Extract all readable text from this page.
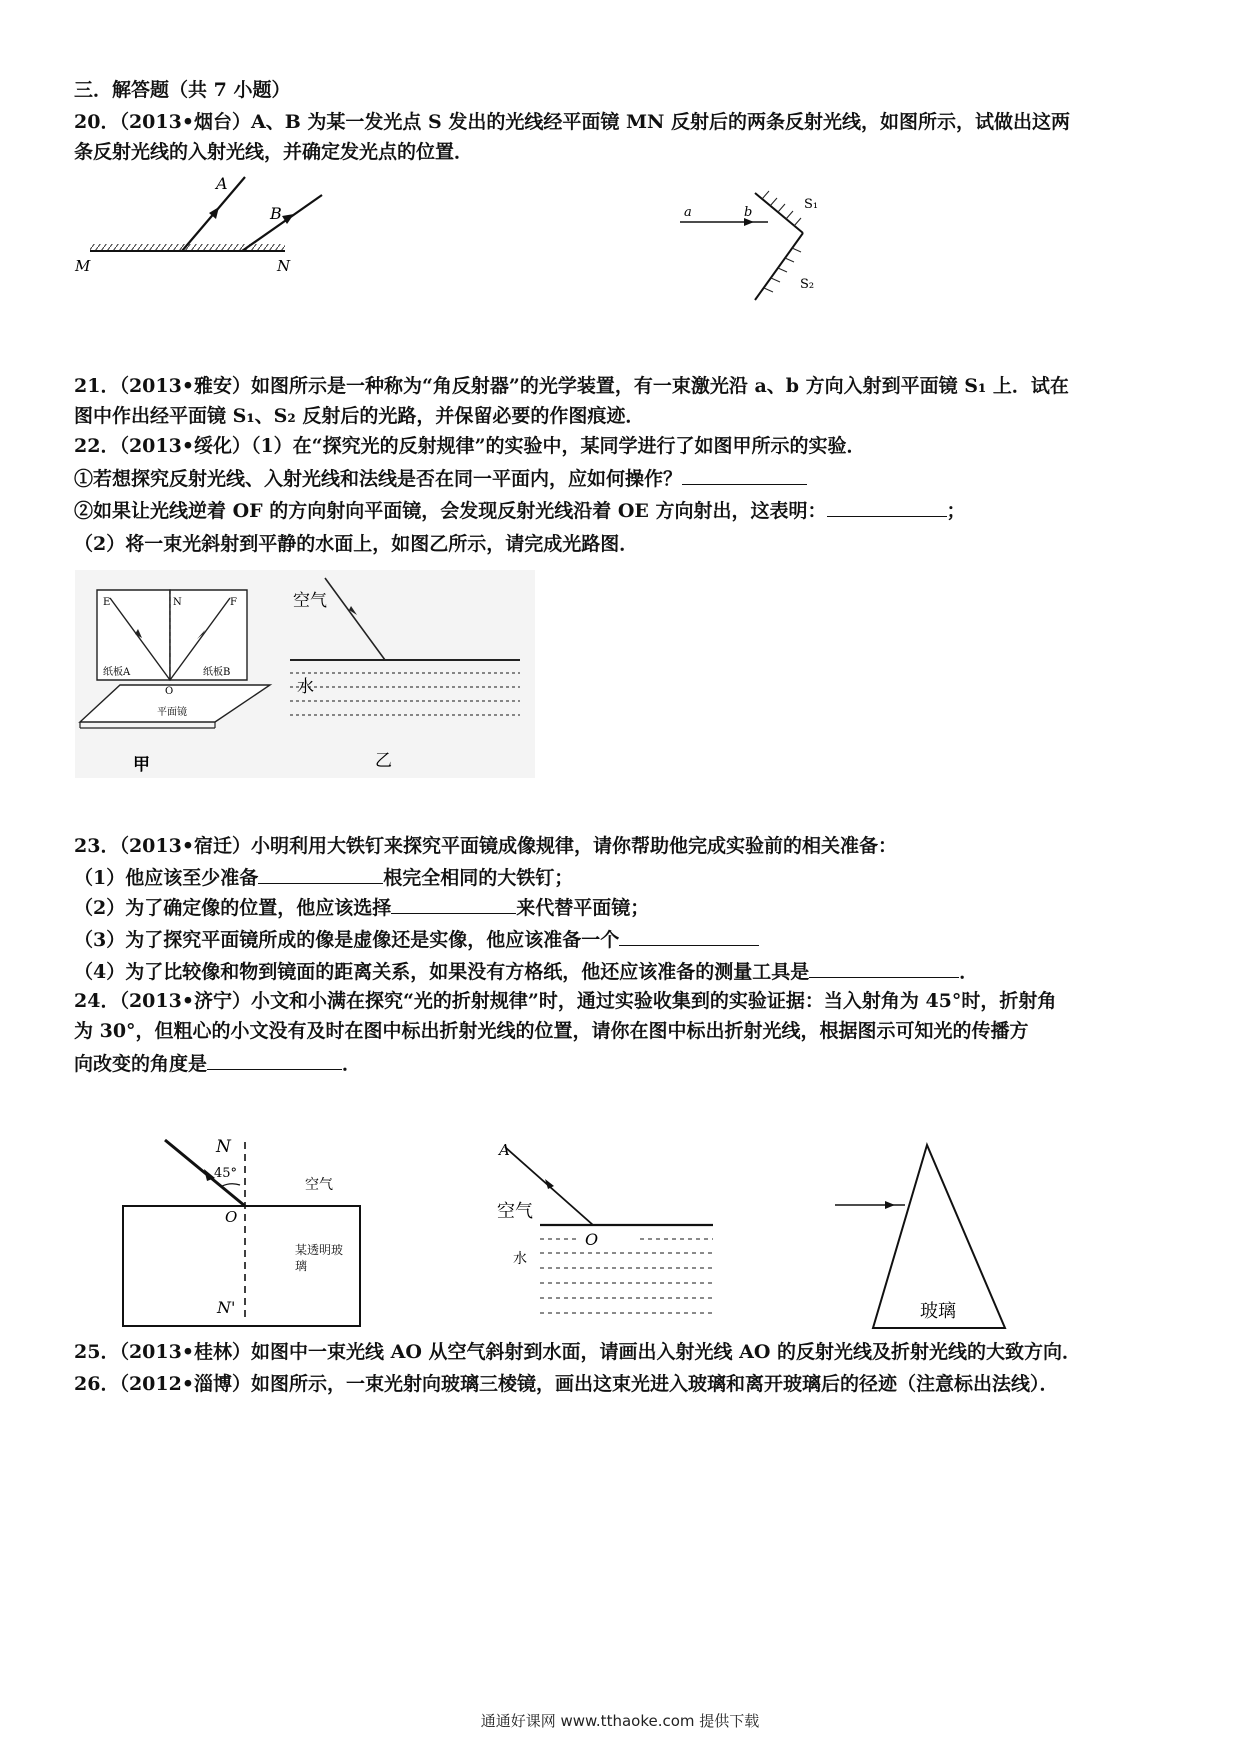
三．解答题（共 7 小题）
20．（2013•烟台）A、B 为某一发光点 S 发出的光线经平面镜 MN 反射后的两条反射光线，如图所示，试做出这两
条反射光线的入射光线，并确定发光点的位置．
A
B
M	N
a	b
S₁
S₂
21．（2013•雅安）如图所示是一种称为“角反射器”的光学装置，有一束激光沿 a、b 方向入射到平面镜 S₁ 上．试在
图中作出经平面镜 S₁、S₂ 反射后的光路，并保留必要的作图痕迹．
22．（2013•绥化）（1）在“探究光的反射规律”的实验中，某同学进行了如图甲所示的实验．
①若想探究反射光线、入射光线和法线是否在同一平面内，应如何操作？
②如果让光线逆着 OF 的方向射向平面镜，会发现反射光线沿着 OE 方向射出，这表明：	；
（2）将一束光斜射到平静的水面上，如图乙所示，请完成光路图．
E	N	F
纸板A	纸板B
O
平面镜
甲
空气
水
乙
23．（2013•宿迁）小明利用大铁钉来探究平面镜成像规律，请你帮助他完成实验前的相关准备：
（1）他应该至少准备	根完全相同的大铁钉；
（2）为了确定像的位置，他应该选择	来代替平面镜；
（3）为了探究平面镜所成的像是虚像还是实像，他应该准备一个
（4）为了比较像和物到镜面的距离关系，如果没有方格纸，他还应该准备的测量工具是	．
24．（2013•济宁）小文和小满在探究“光的折射规律”时，通过实验收集到的实验证据：当入射角为 45°时，折射角
为 30°，但粗心的小文没有及时在图中标出折射光线的位置，请你在图中标出折射光线，根据图示可知光的传播方
向改变的角度是	．
N
45°
空气
O
某透明玻璃
N'
A
空气
O
水
玻璃
25．（2013•桂林）如图中一束光线 AO 从空气斜射到水面，请画出入射光线 AO 的反射光线及折射光线的大致方向．
26．（2012•淄博）如图所示，一束光射向玻璃三棱镜，画出这束光进入玻璃和离开玻璃后的径迹（注意标出法线）．
通通好课网 www.tthaoke.com 提供下载
